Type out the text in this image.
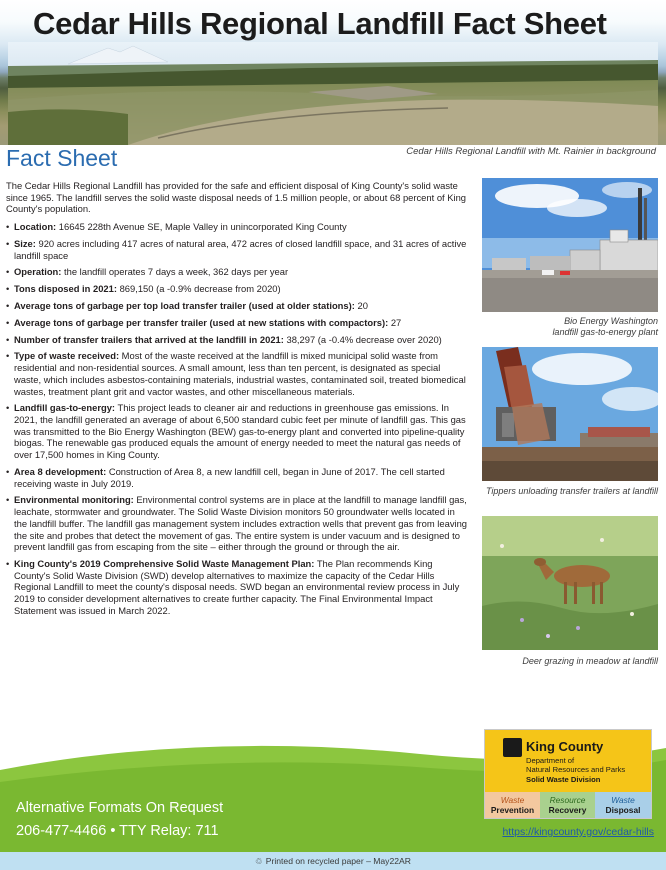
Cedar Hills Regional Landfill Fact Sheet
Fact Sheet	Cedar Hills Regional Landfill with Mt. Rainier in background

The Cedar Hills Regional Landfill has provided for the safe and efficient disposal of King County's solid waste since 1965. The landfill serves the solid waste disposal needs of 1.5 million people, or about 68 percent of King County's population.

• Location: 16645 228th Avenue SE, Maple Valley in unincorporated King County
• Size: 920 acres including 417 acres of natural area, 472 acres of closed landfill space, and 31 acres of active landfill space
• Operation: the landfill operates 7 days a week, 362 days per year
• Tons disposed in 2021: 869,150 (a -0.9% decrease from 2020)
• Average tons of garbage per top load transfer trailer (used at older stations): 20
• Average tons of garbage per transfer trailer (used at new stations with compactors): 27
• Number of transfer trailers that arrived at the landfill in 2021: 38,297 (a -0.4% decrease over 2020)
• Type of waste received: Most of the waste received at the landfill is mixed municipal solid waste from residential and non-residential sources. A small amount, less than ten percent, is designated as special waste, which includes asbestos-containing materials, industrial wastes, contaminated soil, treated biomedical wastes, treatment plant grit and vactor wastes, and other miscellaneous materials.
• Landfill gas-to-energy: This project leads to cleaner air and reductions in greenhouse gas emissions. In 2021, the landfill generated an average of about 6,500 standard cubic feet per minute of landfill gas. This gas was transmitted to the Bio Energy Washington (BEW) gas-to-energy plant and converted into pipeline-quality biogas. The renewable gas produced equals the amount of energy needed to meet the natural gas needs of over 17,500 homes in King County.
• Area 8 development: Construction of Area 8, a new landfill cell, began in June of 2017. The cell started receiving waste in July 2019.
• Environmental monitoring: Environmental control systems are in place at the landfill to manage landfill gas, leachate, stormwater and groundwater. The Solid Waste Division monitors 50 groundwater wells located in the landfill buffer. The landfill gas management system includes extraction wells that prevent gas from leaving the site and probes that detect the movement of gas. The entire system is under vacuum and is designed to prevent landfill gas from escaping from the site – either through the ground or through the air.
• King County's 2019 Comprehensive Solid Waste Management Plan: The Plan recommends King County's Solid Waste Division (SWD) develop alternatives to maximize the capacity of the Cedar Hills Regional Landfill to meet the county's disposal needs. SWD began an environmental review process in July 2019 to consider development alternatives to create further capacity. The Final Environmental Impact Statement was issued in March 2022.
Bio Energy Washington
landfill gas-to-energy plant
Tippers unloading transfer trailers at landfill
Deer grazing in meadow at landfill
Alternative Formats On Request
206-477-4466 • TTY Relay: 711
King County
Department of
Natural Resources and Parks
Solid Waste Division
Waste
Prevention
Resource
Recovery
Waste
Disposal
https://kingcounty.gov/cedar-hills
♲ Printed on recycled paper – May22AR
